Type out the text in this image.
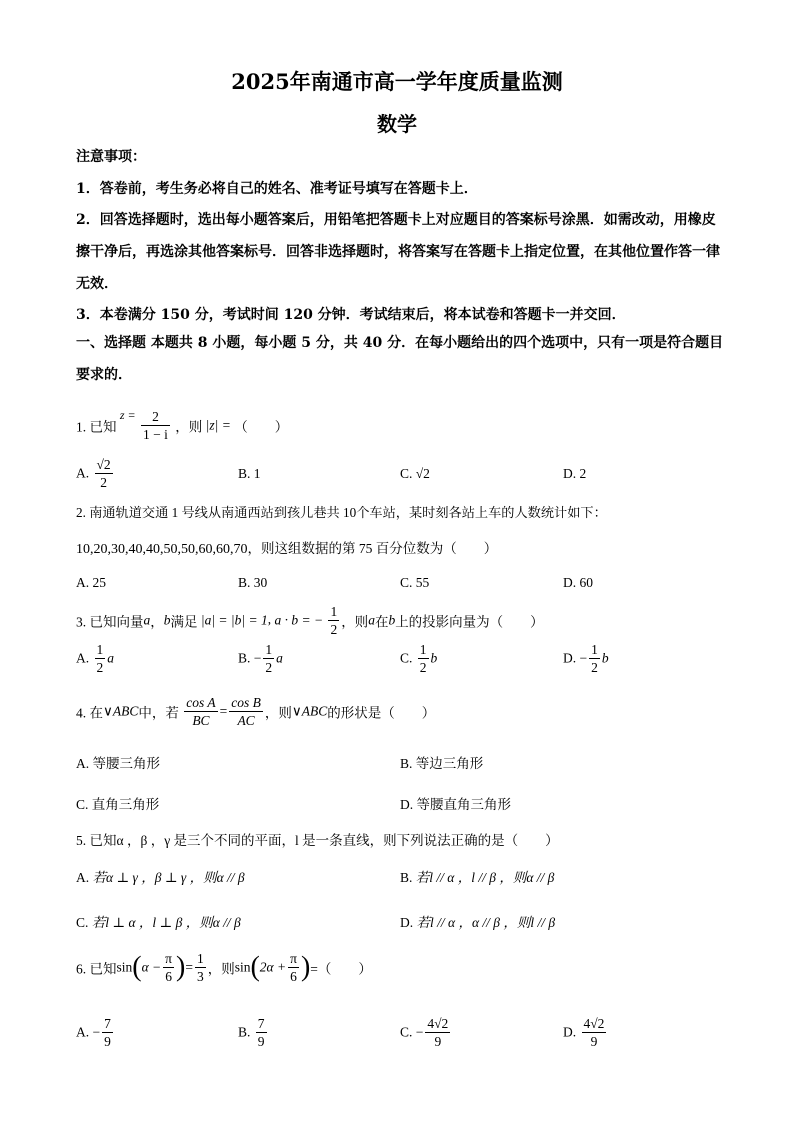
2025年南通市高一学年度质量监测
数学
注意事项：
1．答卷前，考生务必将自己的姓名、准考证号填写在答题卡上．
2．回答选择题时，选出每小题答案后，用铅笔把答题卡上对应题目的答案标号涂黑．如需改动，用橡皮擦干净后，再选涂其他答案标号．回答非选择题时，将答案写在答题卡上指定位置，在其他位置作答一律无效．
3．本卷满分 150 分，考试时间 120 分钟．考试结束后，将本试卷和答题卡一并交回．
一、选择题 本题共 8 小题，每小题 5 分，共 40 分．在每小题给出的四个选项中，只有一项是符合题目要求的．
1. 已知 $z = \frac{2}{1 - i}$ ，则 |z| = （　　）
A. $\frac{√2}{2}$	B. 1	C. √2	D. 2
2. 南通轨道交通 1 号线从南通西站到孩儿巷共 10个车站，某时刻各站上车的人数统计如下：
10,20,30,40,40,50,50,60,60,70，则这组数据的第 75 百分位数为（　　）
A. 25	B. 30	C. 55	D. 60
3. 已知向量a，b满足 |a| = |b| = 1, a · b = − $\frac{1}{2}$ ，则a在b上的投影向量为（　　）
A. $\frac{1}{2}$ a	B. − $\frac{1}{2}$ a	C. $\frac{1}{2}$ b	D. − $\frac{1}{2}$ b
4. 在∨ABC中，若 $\frac{\text{cos A}}{BC} = \frac{\text{cos B}}{AC}$ ，则∨ABC的形状是（　　）
A. 等腰三角形	B. 等边三角形
C. 直角三角形	D. 等腰直角三角形
5. 已知α ，β ，γ 是三个不同的平面，l 是一条直线，则下列说法正确的是（　　）
A. 若α ⊥ γ ，β ⊥ γ ，则α // β	B. 若l // α ，l // β ，则α // β
C. 若l ⊥ α ，l ⊥ β ，则α // β	D. 若l // α ，α // β ，则l // β
6. 已知$\sin(\alpha - \frac{\pi}{6}$ )= $\frac{1}{3}$ ，则$\sin(2\alpha + \frac{\pi}{6}$ )=（　　）
A. − $\frac{7}{9}$	B. $\frac{7}{9}$	C. − $\frac{4√2}{9}$	D. $\frac{4√2}{9}$
